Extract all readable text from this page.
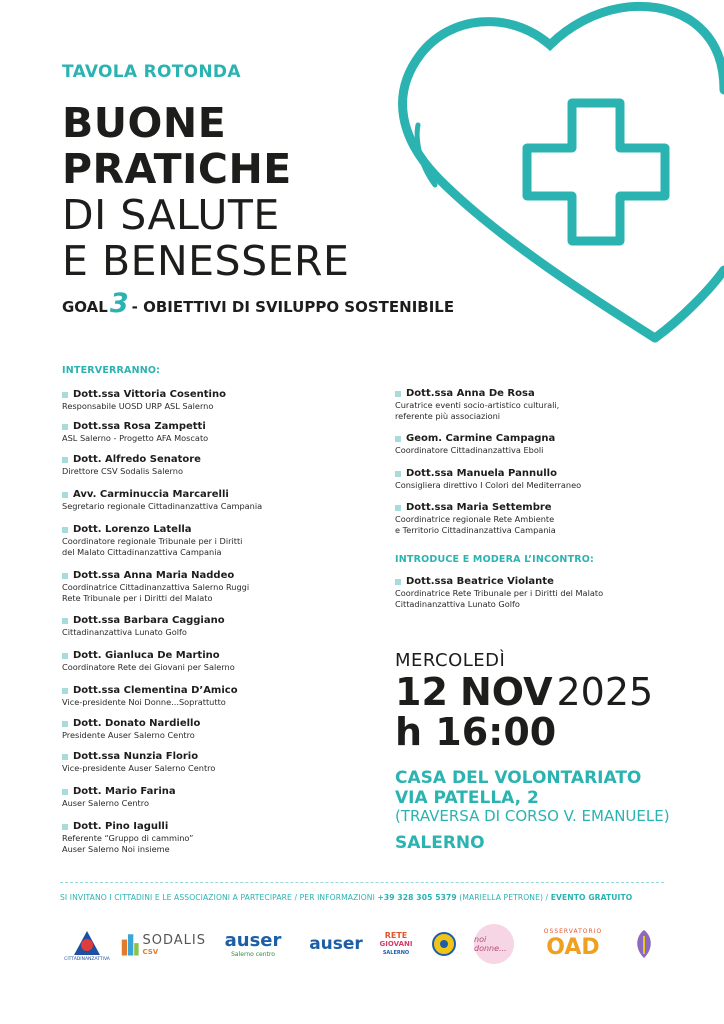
TAVOLA ROTONDA
BUONE
PRATICHE
DI SALUTE
E BENESSERE
GOAL 3 - OBIETTIVI DI SVILUPPO SOSTENIBILE
INTERVERRANNO:
Dott.ssa Vittoria Cosentino
Responsabile UOSD URP ASL Salerno
Dott.ssa Rosa Zampetti
ASL Salerno - Progetto AFA Moscato
Dott. Alfredo Senatore
Direttore CSV Sodalis Salerno
Avv. Carminuccia Marcarelli
Segretario regionale Cittadinanzattiva Campania
Dott. Lorenzo Latella
Coordinatore regionale Tribunale per i Diritti
del Malato Cittadinanzattiva Campania
Dott.ssa Anna Maria Naddeo
Coordinatrice Cittadinanzattiva Salerno Ruggi
Rete Tribunale per i Diritti del Malato
Dott.ssa Barbara Caggiano
Cittadinanzattiva Lunato Golfo
Dott. Gianluca De Martino
Coordinatore Rete dei Giovani per Salerno
Dott.ssa Clementina D’Amico
Vice-presidente Noi Donne...Soprattutto
Dott. Donato Nardiello
Presidente Auser Salerno Centro
Dott.ssa Nunzia Florio
Vice-presidente Auser Salerno Centro
Dott. Mario Farina
Auser Salerno Centro
Dott. Pino Iagulli
Referente “Gruppo di cammino”
Auser Salerno Noi insieme
Dott.ssa Anna De Rosa
Curatrice eventi socio-artistico culturali,
referente più associazioni
Geom. Carmine Campagna
Coordinatore Cittadinanzattiva Eboli
Dott.ssa Manuela Pannullo
Consigliera direttivo I Colori del Mediterraneo
Dott.ssa Maria Settembre
Coordinatrice regionale Rete Ambiente
e Territorio Cittadinanzattiva Campania
INTRODUCE E MODERA L’INCONTRO:
Dott.ssa Beatrice Violante
Coordinatrice Rete Tribunale per i Diritti del Malato
Cittadinanzattiva Lunato Golfo
MERCOLEDÌ
12 NOV 2025
h 16:00
CASA DEL VOLONTARIATO
VIA PATELLA, 2
(TRAVERSA DI CORSO V. EMANUELE)
SALERNO
SI INVITANO I CITTADINI E LE ASSOCIAZIONI A PARTECIPARE / PER INFORMAZIONI +39 328 305 5379 (MARIELLA PETRONE) / EVENTO GRATUITO
CITTADINANZATTIVA
SODALIS
CSV
auser
Salerno centro
auser	RETE
GIOVANI
SALERNO
noi donne...
OSSERVATORIO
OAD
